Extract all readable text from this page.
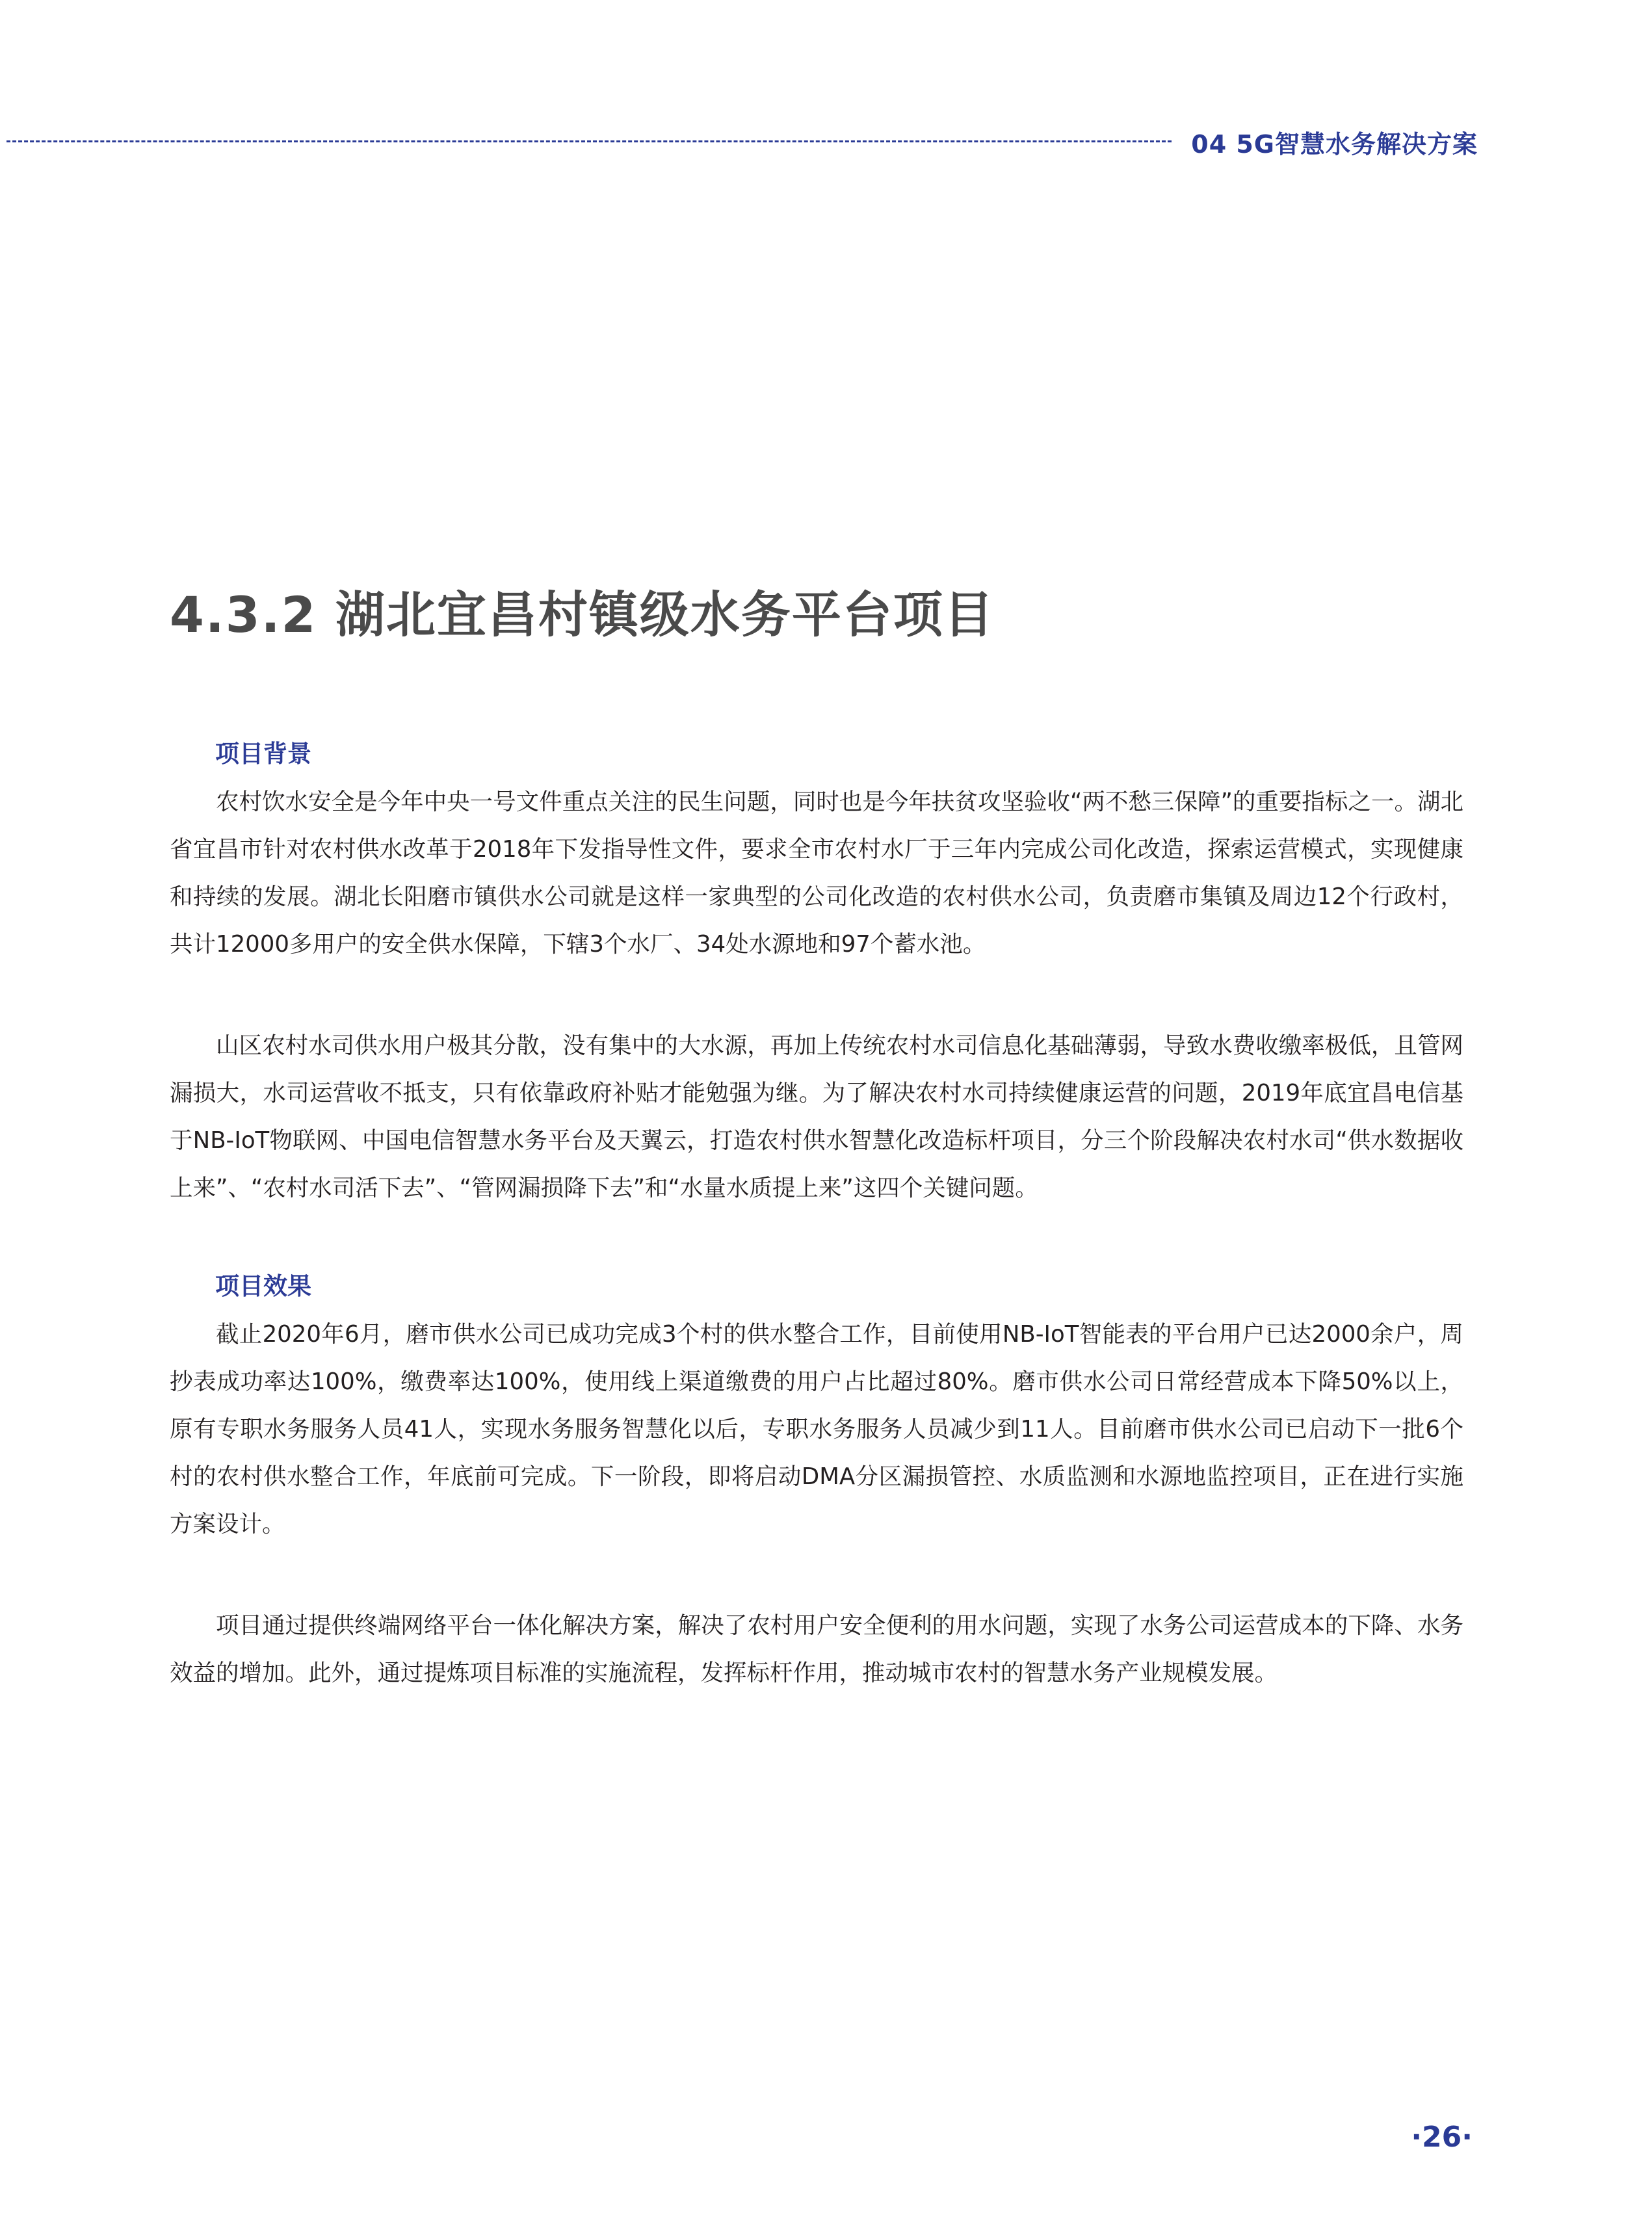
04 5G智慧水务解决方案
4.3.2 湖北宜昌村镇级水务平台项目
项目背景

农村饮水安全是今年中央一号文件重点关注的民生问题，同时也是今年扶贫攻坚验收“两不愁三保障”的重要指标之一。湖北省宜昌市针对农村供水改革于2018年下发指导性文件，要求全市农村水厂于三年内完成公司化改造，探索运营模式，实现健康和持续的发展。湖北长阳磨市镇供水公司就是这样一家典型的公司化改造的农村供水公司，负责磨市集镇及周边12个行政村，共计12000多用户的安全供水保障，下辖3个水厂、34处水源地和97个蓄水池。

山区农村水司供水用户极其分散，没有集中的大水源，再加上传统农村水司信息化基础薄弱，导致水费收缴率极低，且管网漏损大，水司运营收不抵支，只有依靠政府补贴才能勉强为继。为了解决农村水司持续健康运营的问题，2019年底宜昌电信基于NB-IoT物联网、中国电信智慧水务平台及天翼云，打造农村供水智慧化改造标杆项目，分三个阶段解决农村水司“供水数据收上来”、“农村水司活下去”、“管网漏损降下去”和“水量水质提上来”这四个关键问题。

项目效果

截止2020年6月，磨市供水公司已成功完成3个村的供水整合工作，目前使用NB-IoT智能表的平台用户已达2000余户，周抄表成功率达100%，缴费率达100%，使用线上渠道缴费的用户占比超过80%。磨市供水公司日常经营成本下降50%以上，原有专职水务服务人员41人，实现水务服务智慧化以后，专职水务服务人员减少到11人。目前磨市供水公司已启动下一批6个村的农村供水整合工作，年底前可完成。下一阶段，即将启动DMA分区漏损管控、水质监测和水源地监控项目，正在进行实施方案设计。

项目通过提供终端网络平台一体化解决方案，解决了农村用户安全便利的用水问题，实现了水务公司运营成本的下降、水务效益的增加。此外，通过提炼项目标准的实施流程，发挥标杆作用，推动城市农村的智慧水务产业规模发展。

·26·
